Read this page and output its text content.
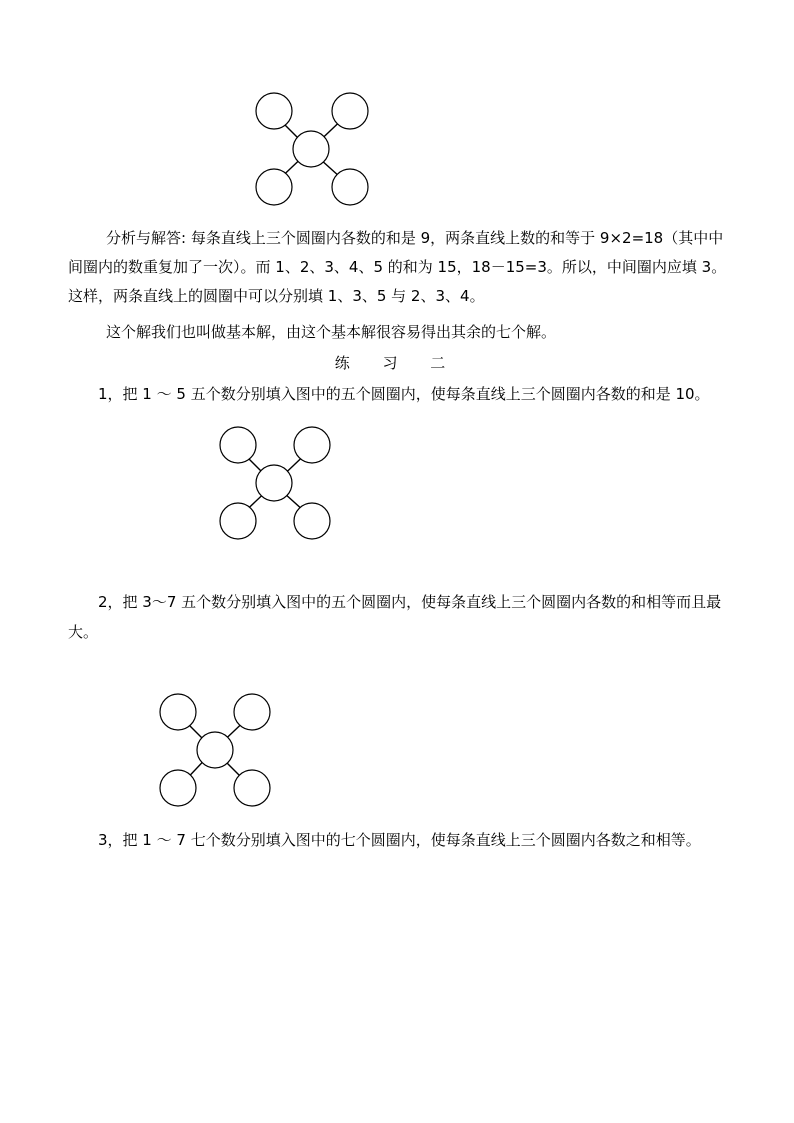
分析与解答: 每条直线上三个圆圈内各数的和是 9，两条直线上数的和等于 9×2=18（其中中间圈内的数重复加了一次）。而 1、2、3、4、5 的和为 15，18－15=3。所以，中间圈内应填 3。这样，两条直线上的圆圈中可以分别填 1、3、5 与 2、3、4。

这个解我们也叫做基本解，由这个基本解很容易得出其余的七个解。

练 习 二

1，把 1 ～ 5 五个数分别填入图中的五个圆圈内，使每条直线上三个圆圈内各数的和是 10。

2，把 3～7 五个数分别填入图中的五个圆圈内，使每条直线上三个圆圈内各数的和相等而且最

大。

3，把 1 ～ 7 七个数分别填入图中的七个圆圈内，使每条直线上三个圆圈内各数之和相等。
